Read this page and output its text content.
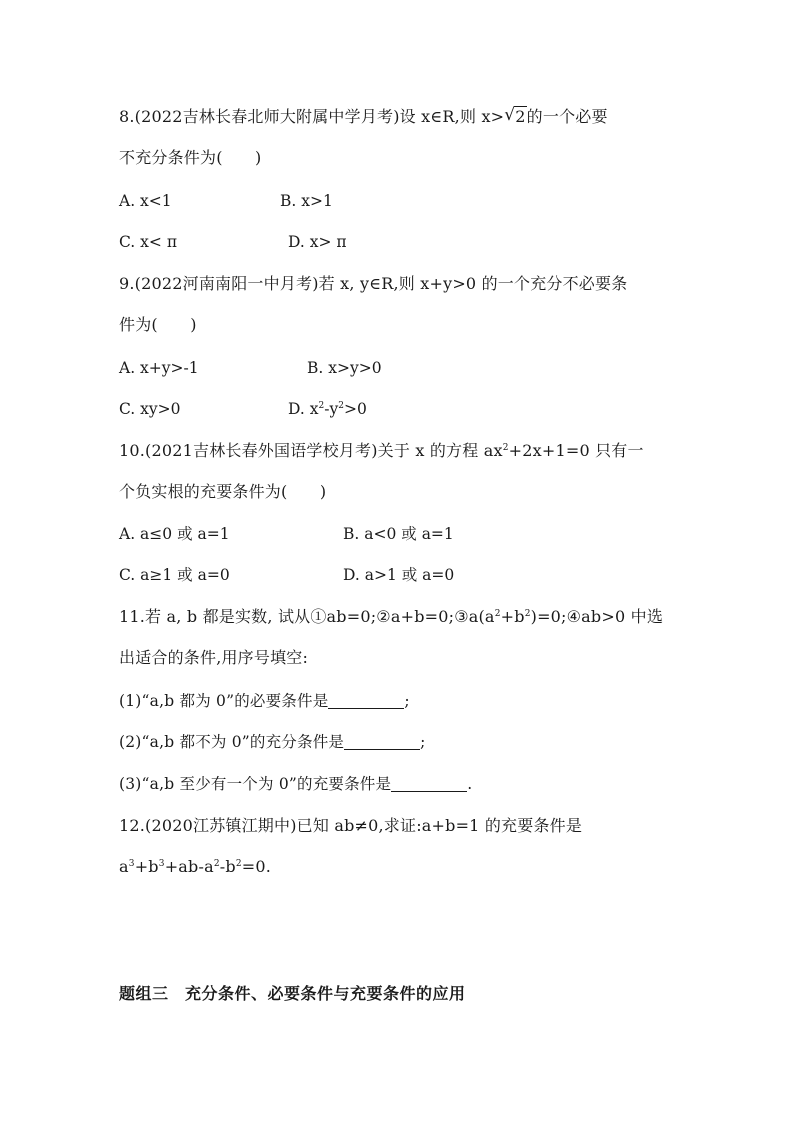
8.(2022吉林长春北师大附属中学月考)设 x∈R,则 x> √ 2的一个必要
不充分条件为(　　)
A. x<1	B. x>1
C. x< π	D. x> π
9.(2022河南南阳一中月考)若 x, y∈R,则 x+y>0 的一个充分不必要条
件为(　　)
A. x+y>-1	B. x>y>0
C. xy>0	D. $x^2-y^2>0$
10.(2021吉林长春外国语学校月考)关于 x 的方程 $ax^2+2x+1=0$ 只有一
个负实根的充要条件为(　　)
A. a≤0 或 a=1	B. a<0 或 a=1
C. a≥1 或 a=0	D. a>1 或 a=0
11.若 a, b 都是实数, 试从$①ab=0;②a+b=0;③a(a^2+b^2)=0;④ab>0$ 中选
出适合的条件,用序号填空:
(1)“a,b 都为 0”的必要条件是	;
(2)“a,b 都不为 0”的充分条件是	;
(3)“a,b 至少有一个为 0”的充要条件是	.
12.(2020江苏镇江期中)已知 ab≠0,求证:a+b=1 的充要条件是
$a^3+b^3+ab-a^2-b^2=0$.
题组三　充分条件、必要条件与充要条件的应用
